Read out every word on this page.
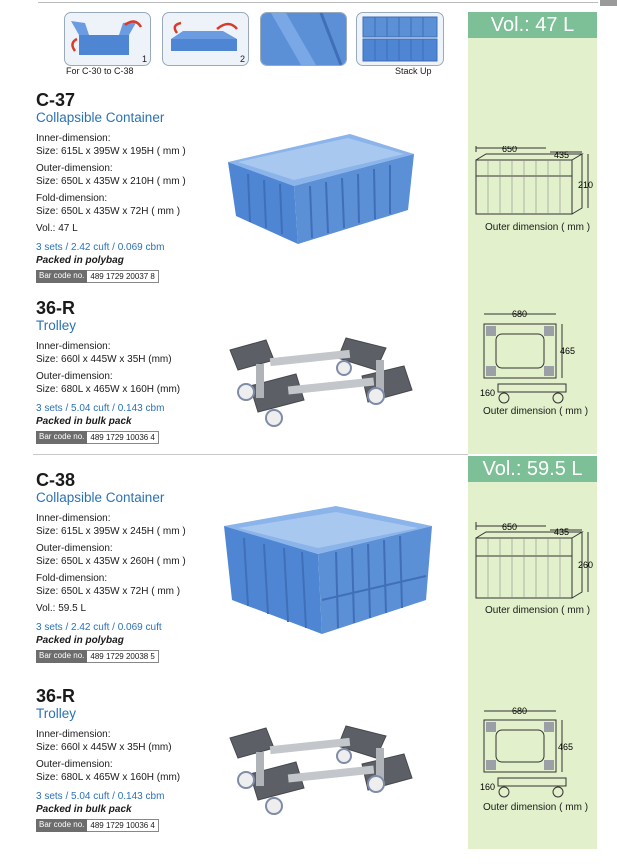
Vol.: 47 L
Vol.: 59.5 L
1	2
For C-30 to C-38	Stack Up
C-37
Collapsible Container
Inner-dimension:
Size: 615L x 395W x 195H ( mm )
Outer-dimension:
Size: 650L x 435W x 210H ( mm )
Fold-dimension:
Size: 650L x 435W x 72H ( mm )
Vol.: 47 L
3 sets / 2.42 cuft / 0.069 cbm
Packed in polybag
Bar code no. 489 1729 20037 8
650
435
210
Outer dimension ( mm )
36-R
Trolley
Inner-dimension:
Size: 660l x 445W x 35H (mm)
Outer-dimension:
Size: 680L x 465W x 160H (mm)
3 sets / 5.04 cuft / 0.143 cbm
Packed in bulk pack
Bar code no. 489 1729 10036 4
680
465
160
Outer dimension ( mm )
C-38
Collapsible Container
Inner-dimension:
Size: 615L x 395W x 245H ( mm )
Outer-dimension:
Size: 650L x 435W x 260H ( mm )
Fold-dimension:
Size: 650L x 435W x 72H ( mm )
Vol.: 59.5 L
3 sets / 2.42 cuft / 0.069 cuft
Packed in polybag
Bar code no. 489 1729 20038 5
650	435
260
Outer dimension ( mm )
36-R
Trolley
Inner-dimension:
Size: 660l x 445W x 35H (mm)
Outer-dimension:
Size: 680L x 465W x 160H (mm)
3 sets / 5.04 cuft / 0.143 cbm
Packed in bulk pack
Bar code no. 489 1729 10036 4
680
465
160
Outer dimension ( mm )
